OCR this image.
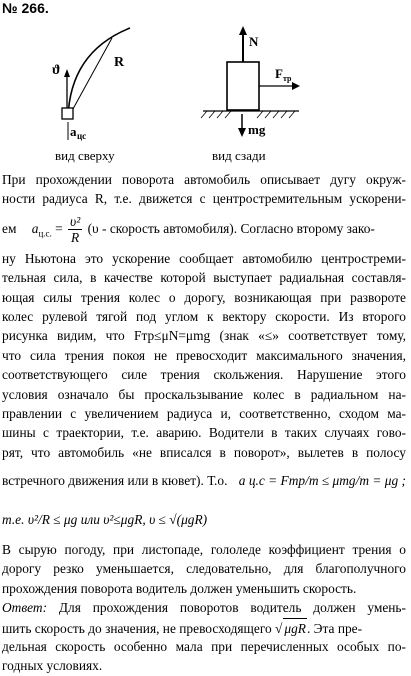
№ 266.
ϑ
R
a цс
вид сверху
N
F тр
mg
вид сзади
При прохождении поворота автомобиль описывает дугу окруж-
ности радиуса R, т.е. движется с центростремительным ускорени-
ем $a_{ц.с.} = \frac{\text{υ²}}{R} (\upsilon$ - скорость автомобиля). Согласно второму зако-
ну Ньютона это ускорение сообщает автомобилю центростреми-
тельная сила, в качестве которой выступает радиальная составля-
ющая силы трения колес о дорогу, возникающая при развороте
колес рулевой тягой под углом к вектору скорости. Из второго
рисунка видим, что Fтр≤μN=μmg (знак «≤» соответствует тому,
что сила трения покоя не превосходит максимального значения,
соответствующего силе трения скольжения. Нарушение этого
условия означало бы проскальзывание колес в радиальном на-
правлении с увеличением радиуса и, соответственно, сходом ма-
шины с траектории, т.е. аварию. Водители в таких случаях гово-
рят, что автомобиль «не вписался в поворот», вылетев в полосу
встречного движения или в кювет). Т.о. a ц.с = Fтр/m ≤ μmg/m = μg ;
т.е. υ²/R ≤ μg или υ²≤μgR, υ ≤ √(μgR)
В сырую погоду, при листопаде, гололеде коэффициент трения о
дорогу резко уменьшается, следовательно, для благополучного
прохождения поворота водитель должен уменьшить скорость.
Ответ: Для прохождения поворотов водитель должен умень-
шить скорость до значения, не превосходящего √ μgR. Эта пре-
дельная скорость особенно мала при перечисленных особых по-
годных условиях.
